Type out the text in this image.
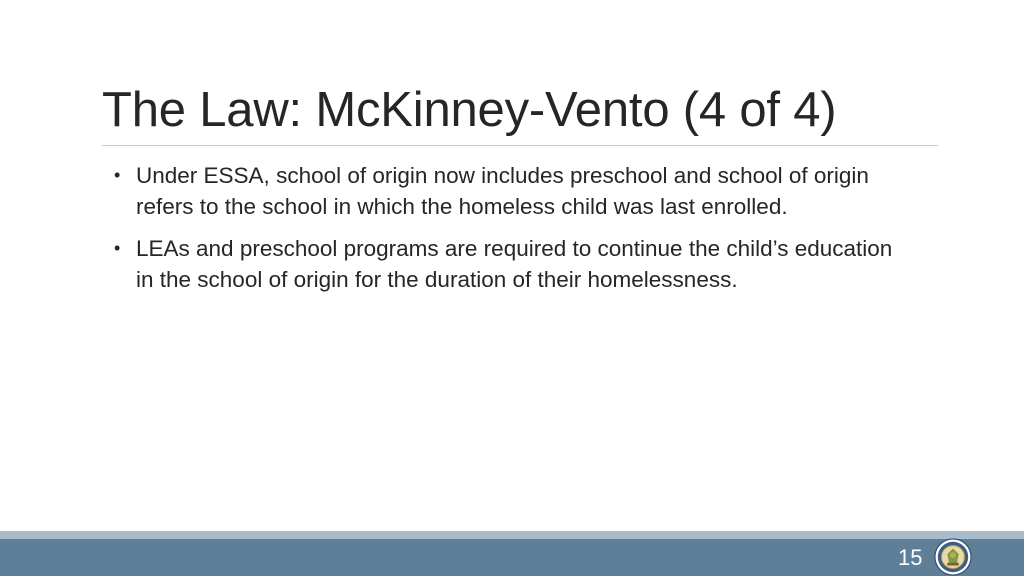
The Law: McKinney-Vento (4 of 4)
• Under ESSA, school of origin now includes preschool and school of origin refers to the school in which the homeless child was last enrolled.
• LEAs and preschool programs are required to continue the child’s education in the school of origin for the duration of their homelessness.
15
